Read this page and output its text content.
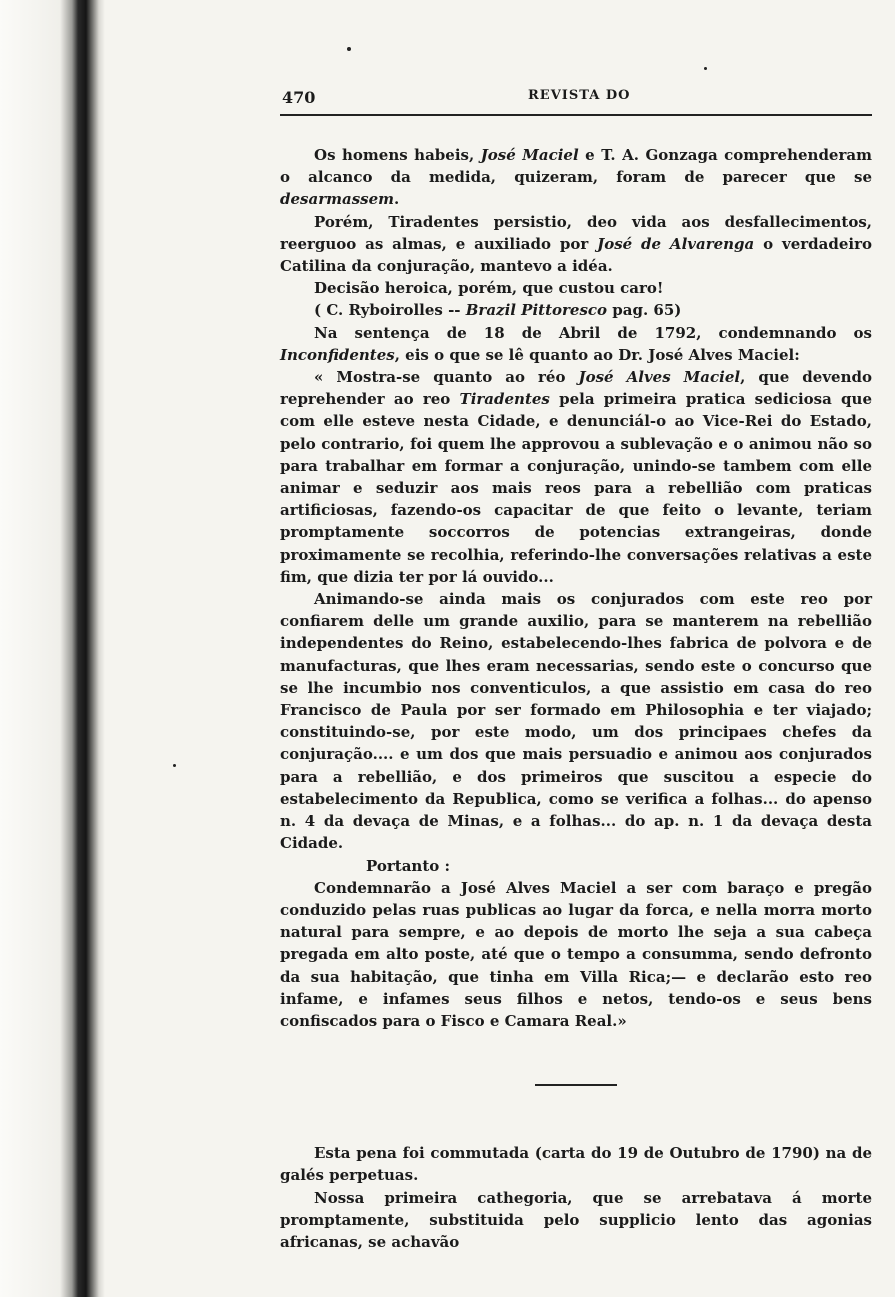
470	REVISTA DO

Os homens habeis, José Maciel e T. A. Gonzaga comprehenderam o alcanco da medida, quizeram, foram de parecer que se desarmassem.

Porém, Tiradentes persistio, deo vida aos desfallecimentos, reerguoo as almas, e auxiliado por José de Alvarenga o verdadeiro Catilina da conjuração, mantevo a idéa.

Decisão heroica, porém, que custou caro!

( C. Ryboirolles -- Brazil Pittoresco pag. 65)

Na sentença de 18 de Abril de 1792, condemnando os Inconfidentes, eis o que se lê quanto ao Dr. José Alves Maciel:

« Mostra-se quanto ao réo José Alves Maciel, que devendo reprehender ao reo Tiradentes pela primeira pratica sediciosa que com elle esteve nesta Cidade, e denunciál-o ao Vice-Rei do Estado, pelo contrario, foi quem lhe approvou a sublevação e o animou não so para trabalhar em formar a conjuração, unindo-se tambem com elle animar e seduzir aos mais reos para a rebellião com praticas artificiosas, fazendo-os capacitar de que feito o levante, teriam promptamente soccorros de potencias extrangeiras, donde proximamente se recolhia, referindo-lhe conversações relativas a este fim, que dizia ter por lá ouvido...

Animando-se ainda mais os conjurados com este reo por confiarem delle um grande auxilio, para se manterem na rebellião independentes do Reino, estabelecendo-lhes fabrica de polvora e de manufacturas, que lhes eram necessarias, sendo este o concurso que se lhe incumbio nos conventiculos, a que assistio em casa do reo Francisco de Paula por ser formado em Philosophia e ter viajado; constituindo-se, por este modo, um dos principaes chefes da conjuração.... e um dos que mais persuadio e animou aos conjurados para a rebellião, e dos primeiros que suscitou a especie do estabelecimento da Republica, como se verifica a folhas... do apenso n. 4 da devaça de Minas, e a folhas... do ap. n. 1 da devaça desta Cidade.

Portanto :

Condemnarão a José Alves Maciel a ser com baraço e pregão conduzido pelas ruas publicas ao lugar da forca, e nella morra morto natural para sempre, e ao depois de morto lhe seja a sua cabeça pregada em alto poste, até que o tempo a consumma, sendo defronto da sua habitação, que tinha em Villa Rica;— e declarão esto reo infame, e infames seus filhos e netos, tendo-os e seus bens confiscados para o Fisco e Camara Real.»

Esta pena foi commutada (carta do 19 de Outubro de 1790) na de galés perpetuas.

Nossa primeira cathegoria, que se arrebatava á morte promptamente, substituida pelo supplicio lento das agonias africanas, se achavão
